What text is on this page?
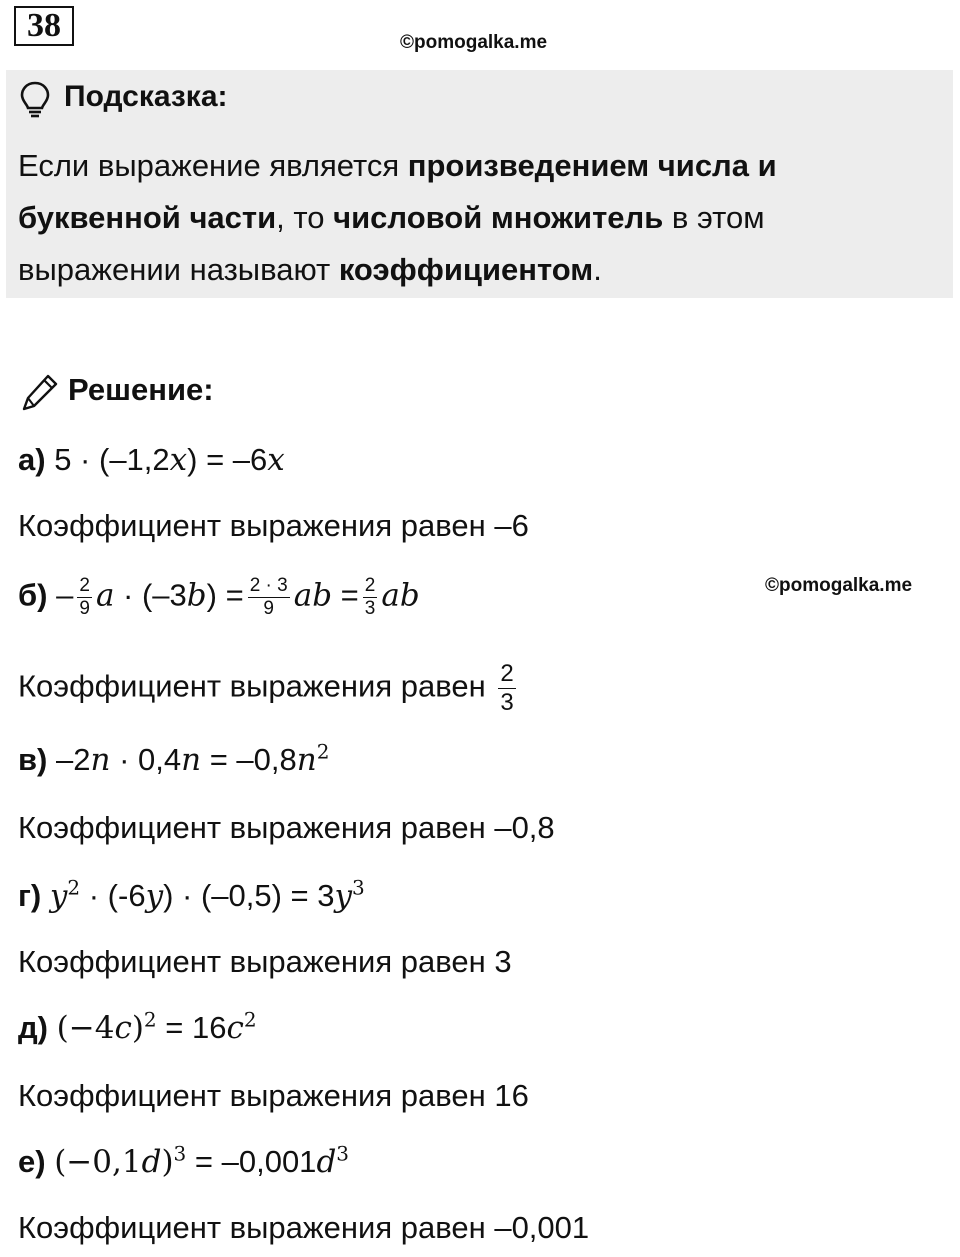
38	©pomogalka.me
Подсказка:
Если выражение является произведением числа и
буквенной части, то числовой множитель в этом
выражении называют коэффициентом.
Решение:
а) 5 · (–1,2x) = –6x
Коэффициент выражения равен –6
$б) - \frac{2}{9}$ $a \cdot (-3b) = \frac{2 \cdot 3}{9}$ ab = $\frac{2}{3}$ ab	©pomogalka.me
Коэффициент выражения равен $\frac{2}{3}$
в) $-2n \cdot 0,4n = -0,8n^2$
Коэффициент выражения равен –0,8
г) $y^2 \cdot (-6y) \cdot (-0,5) = 3y^3$
Коэффициент выражения равен 3
д) $(-4c)^2 = 16c^2$
Коэффициент выражения равен 16
е) $(-0,1d)^3 = -0,001d^3$
Коэффициент выражения равен –0,001
